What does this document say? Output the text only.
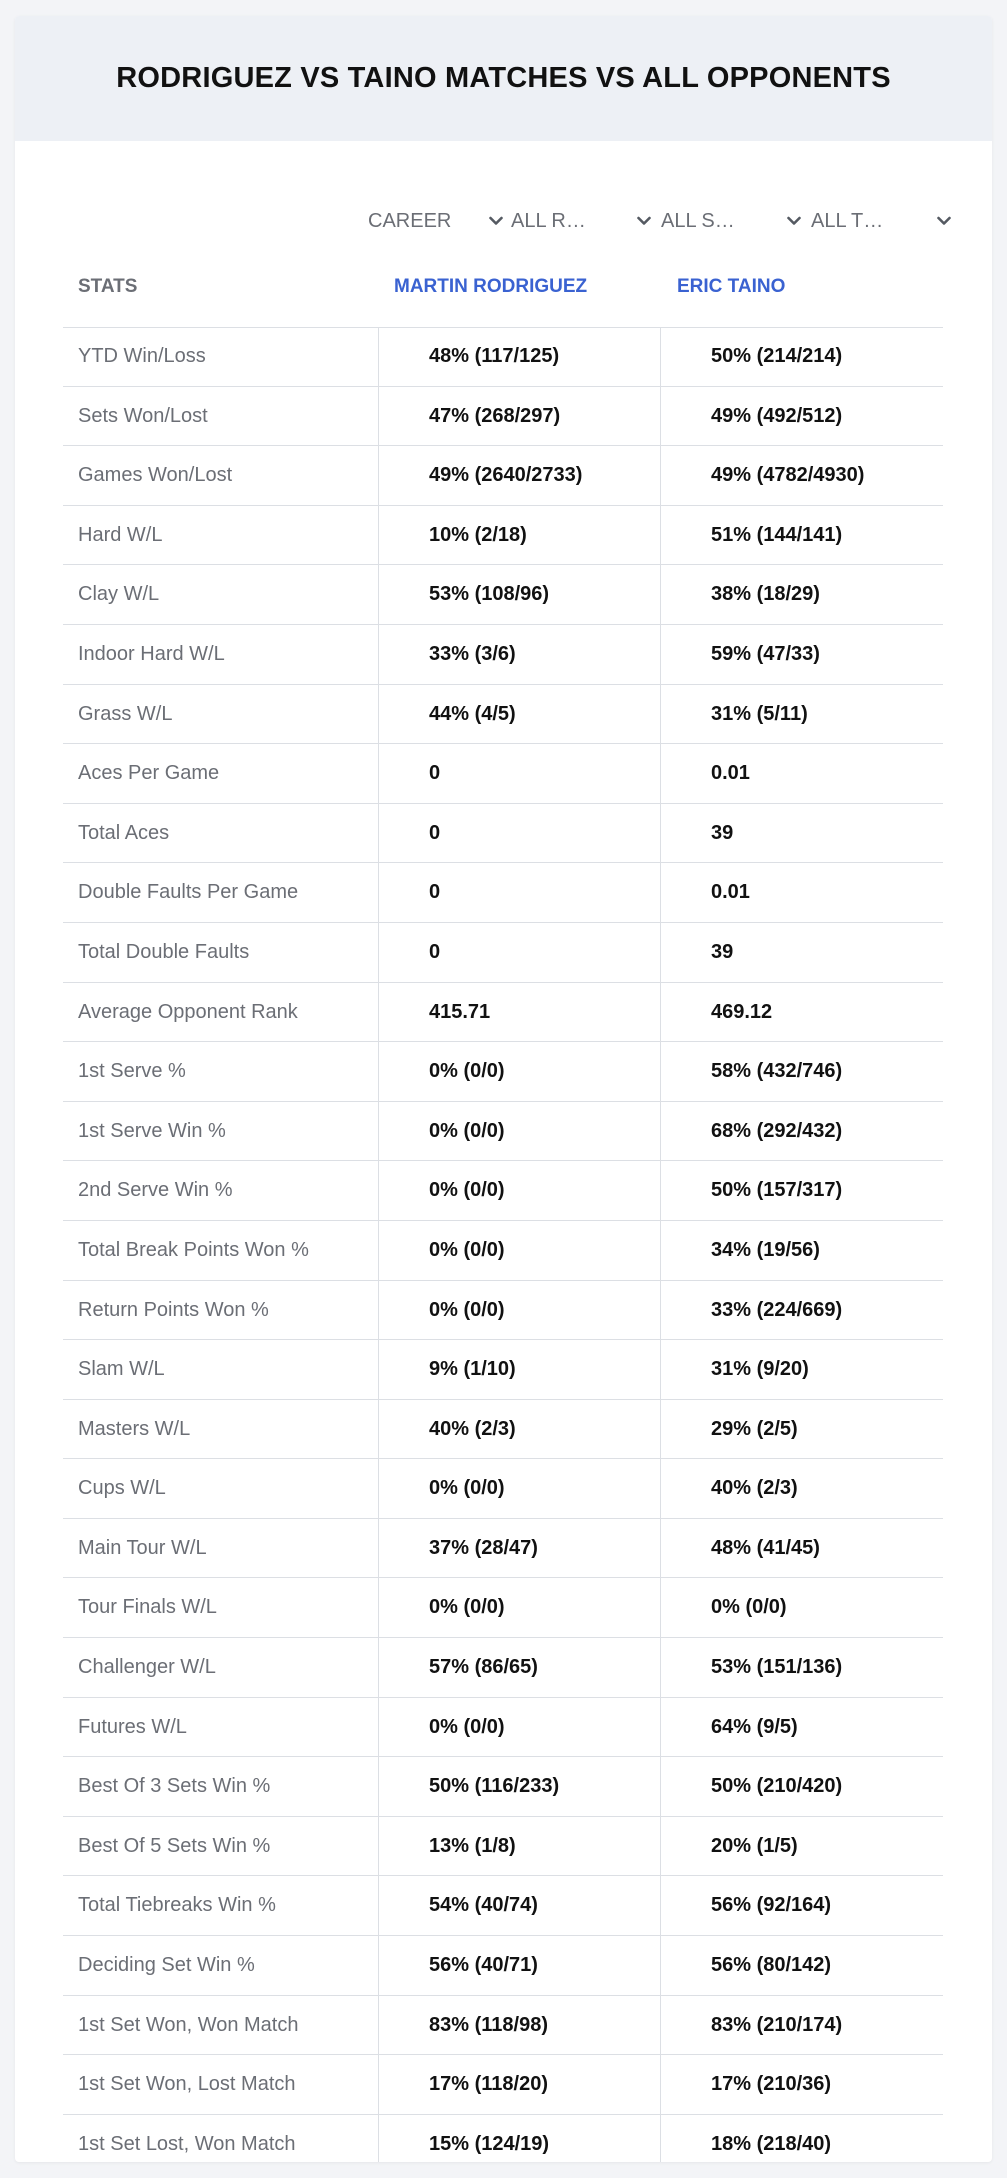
RODRIGUEZ VS TAINO MATCHES VS ALL OPPONENTS
CAREER	ALL R…	ALL S…	ALL T…
STATS	MARTIN RODRIGUEZ	ERIC TAINO
YTD Win/Loss	48% (117/125)	50% (214/214)
Sets Won/Lost	47% (268/297)	49% (492/512)
Games Won/Lost	49% (2640/2733)	49% (4782/4930)
Hard W/L	10% (2/18)	51% (144/141)
Clay W/L	53% (108/96)	38% (18/29)
Indoor Hard W/L	33% (3/6)	59% (47/33)
Grass W/L	44% (4/5)	31% (5/11)
Aces Per Game	0	0.01
Total Aces	0	39
Double Faults Per Game	0	0.01
Total Double Faults	0	39
Average Opponent Rank	415.71	469.12
1st Serve %	0% (0/0)	58% (432/746)
1st Serve Win %	0% (0/0)	68% (292/432)
2nd Serve Win %	0% (0/0)	50% (157/317)
Total Break Points Won %	0% (0/0)	34% (19/56)
Return Points Won %	0% (0/0)	33% (224/669)
Slam W/L	9% (1/10)	31% (9/20)
Masters W/L	40% (2/3)	29% (2/5)
Cups W/L	0% (0/0)	40% (2/3)
Main Tour W/L	37% (28/47)	48% (41/45)
Tour Finals W/L	0% (0/0)	0% (0/0)
Challenger W/L	57% (86/65)	53% (151/136)
Futures W/L	0% (0/0)	64% (9/5)
Best Of 3 Sets Win %	50% (116/233)	50% (210/420)
Best Of 5 Sets Win %	13% (1/8)	20% (1/5)
Total Tiebreaks Win %	54% (40/74)	56% (92/164)
Deciding Set Win %	56% (40/71)	56% (80/142)
1st Set Won, Won Match	83% (118/98)	83% (210/174)
1st Set Won, Lost Match	17% (118/20)	17% (210/36)
1st Set Lost, Won Match	15% (124/19)	18% (218/40)
